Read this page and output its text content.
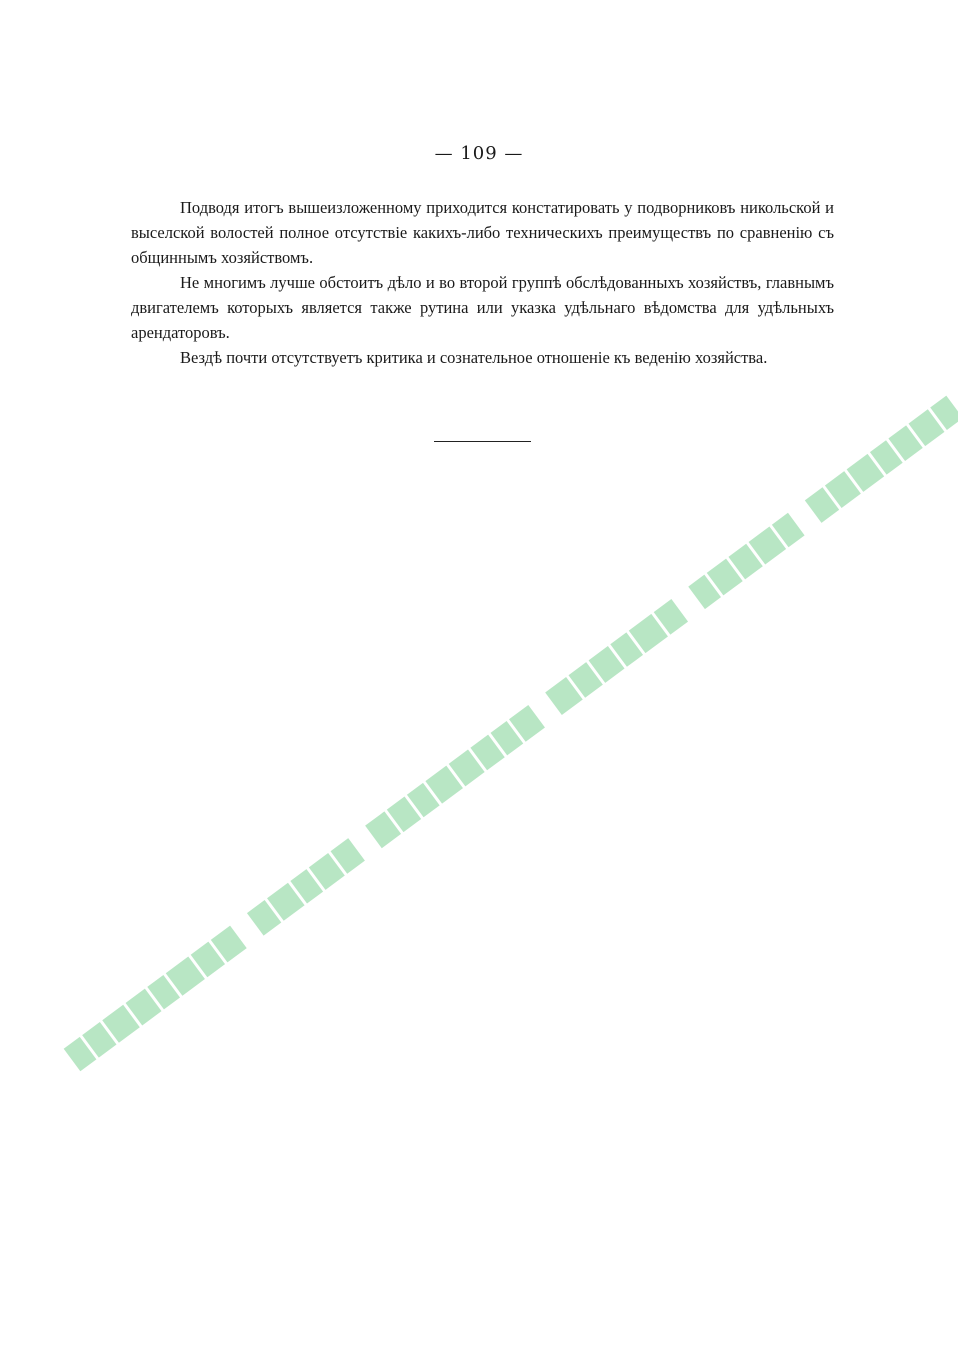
— 109 —

Подводя итогъ вышеизложенному приходится констатировать у подворниковъ никольской и выселской волостей полное отсутствіе какихъ-либо техническихъ преимуществъ по сравненію съ общиннымъ хозяйствомъ.

Не многимъ лучше обстоитъ дѣло и во второй группѣ обслѣдованныхъ хозяйствъ, главнымъ двигателемъ которыхъ является также рутина или указка удѣльнаго вѣдомства для удѣльныхъ арендаторовъ.

Вездѣ почти отсутствуетъ критика и сознательное отношеніе къ веденію хозяйства.
